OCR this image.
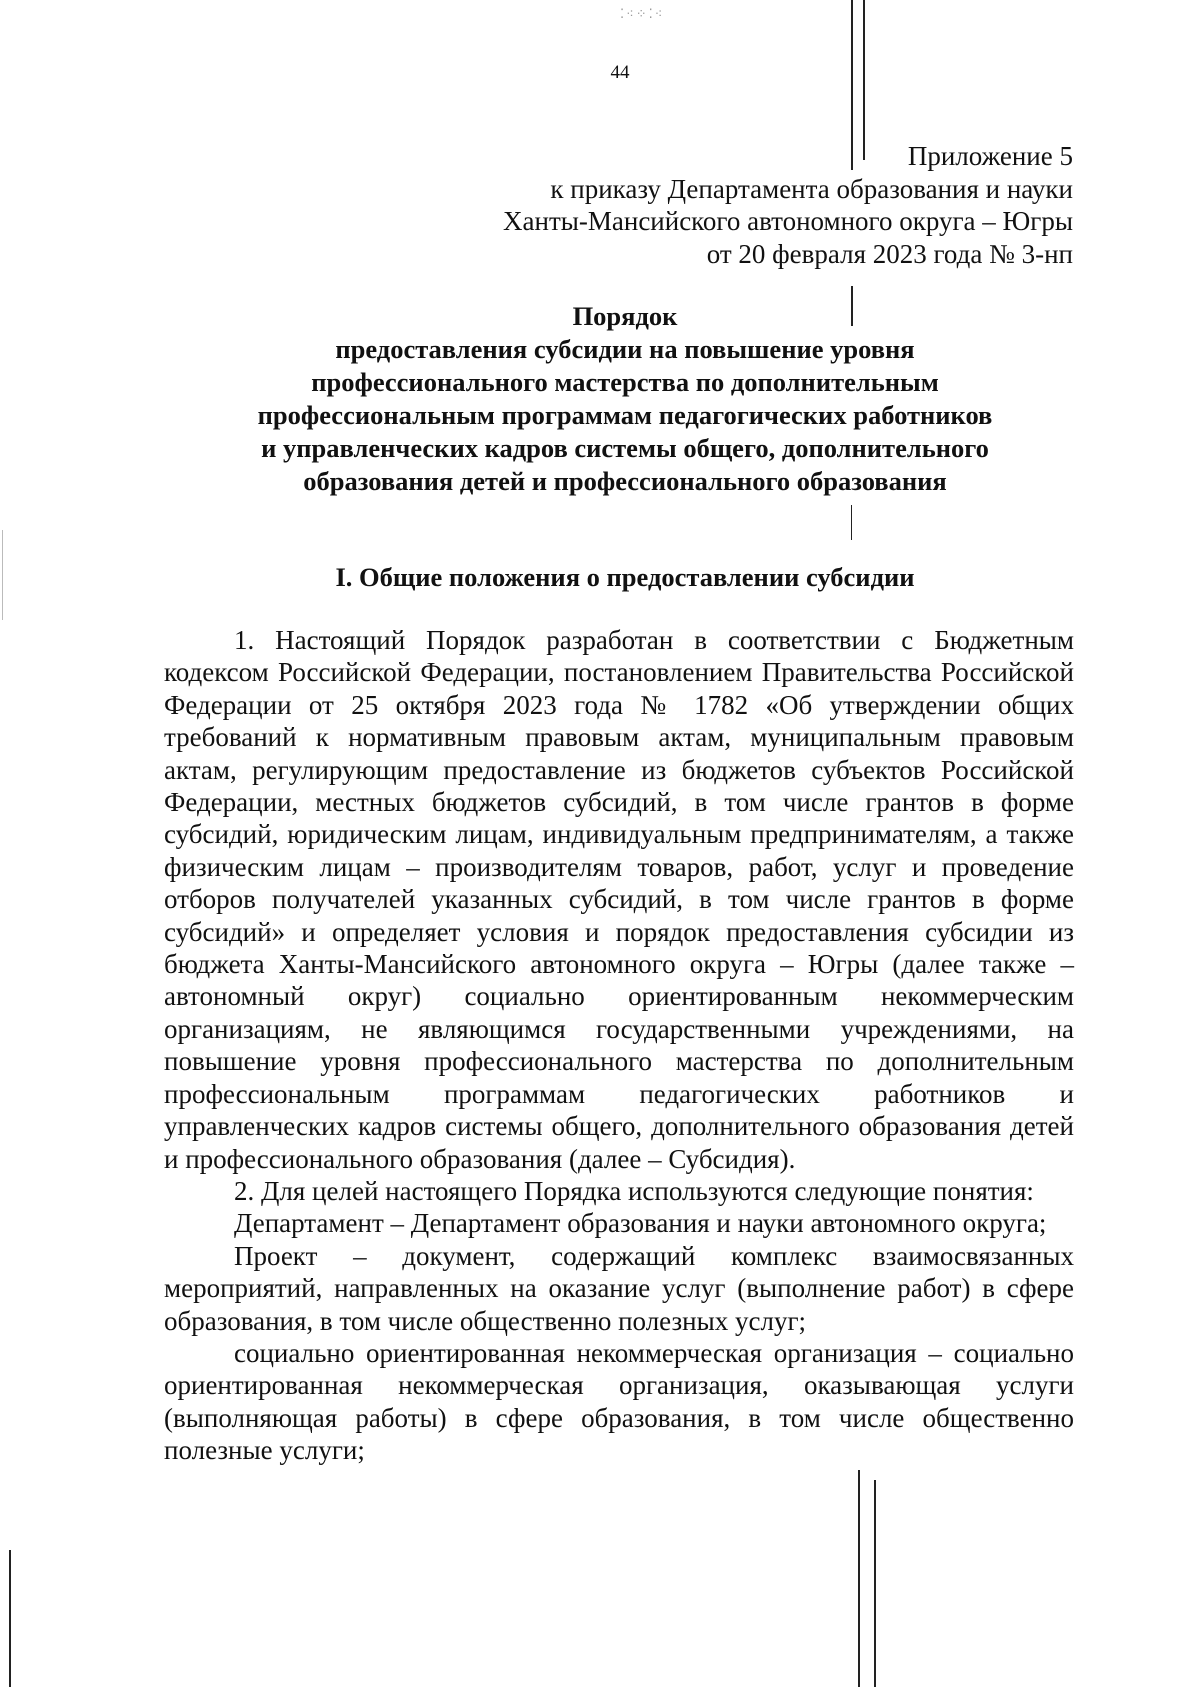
⁚⁖⁘⁚⁖
44
Приложение 5
к приказу Департамента образования и науки
Ханты-Мансийского автономного округа – Югры
от 20 февраля 2023 года № 3-нп
Порядок
предоставления субсидии на повышение уровня
профессионального мастерства по дополнительным
профессиональным программам педагогических работников
и управленческих кадров системы общего, дополнительного
образования детей и профессионального образования
I. Общие положения о предоставлении субсидии

1. Настоящий Порядок разработан в соответствии с Бюджетным кодексом Российской Федерации, постановлением Правительства Российской Федерации от 25 октября 2023 года № 1782 «Об утверждении общих требований к нормативным правовым актам, муниципальным правовым актам, регулирующим предоставление из бюджетов субъектов Российской Федерации, местных бюджетов субсидий, в том числе грантов в форме субсидий, юридическим лицам, индивидуальным предпринимателям, а также физическим лицам – производителям товаров, работ, услуг и проведение отборов получателей указанных субсидий, в том числе грантов в форме субсидий» и определяет условия и порядок предоставления субсидии из бюджета Ханты-Мансийского автономного округа – Югры (далее также – автономный округ) социально ориентированным некоммерческим организациям, не являющимся государственными учреждениями, на повышение уровня профессионального мастерства по дополнительным профессиональным программам педагогических работников и управленческих кадров системы общего, дополнительного образования детей и профессионального образования (далее – Субсидия).

2. Для целей настоящего Порядка используются следующие понятия:

Департамент – Департамент образования и науки автономного округа;

Проект – документ, содержащий комплекс взаимосвязанных мероприятий, направленных на оказание услуг (выполнение работ) в сфере образования, в том числе общественно полезных услуг;

социально ориентированная некоммерческая организация – социально ориентированная некоммерческая организация, оказывающая услуги (выполняющая работы) в сфере образования, в том числе общественно полезные услуги;
